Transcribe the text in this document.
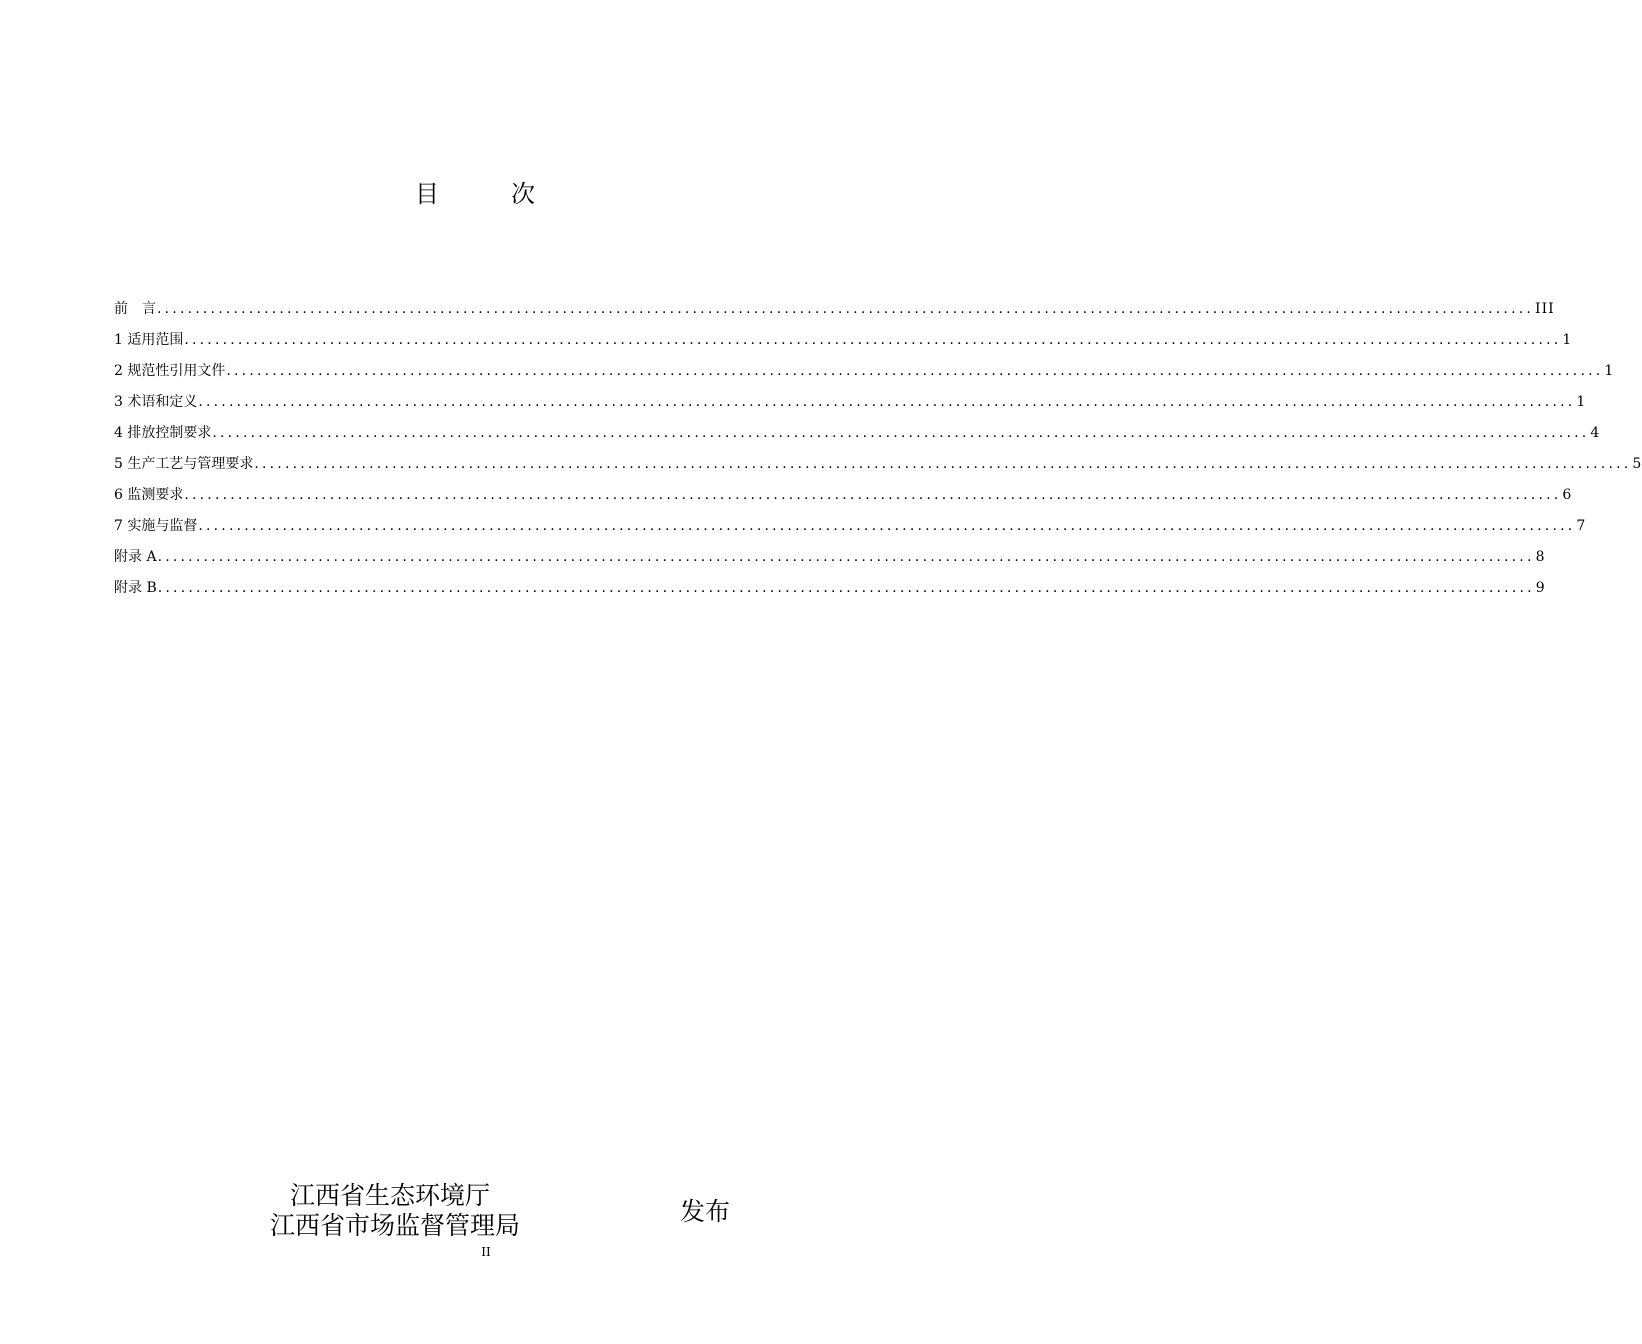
目　次
前　言 .................................................................................................................................................................................... III
1 适用范围 .................................................................................................................................................................................... 1
2 规范性引用文件 .................................................................................................................................................................................... 1
3 术语和定义 .................................................................................................................................................................................... 1
4 排放控制要求 .................................................................................................................................................................................... 4
5 生产工艺与管理要求 .................................................................................................................................................................................... 5
6 监测要求 .................................................................................................................................................................................... 6
7 实施与监督 .................................................................................................................................................................................... 7
附录 A .................................................................................................................................................................................... 8
附录 B .................................................................................................................................................................................... 9
江西省生态环境厅
江西省市场监督管理局	发布
II
